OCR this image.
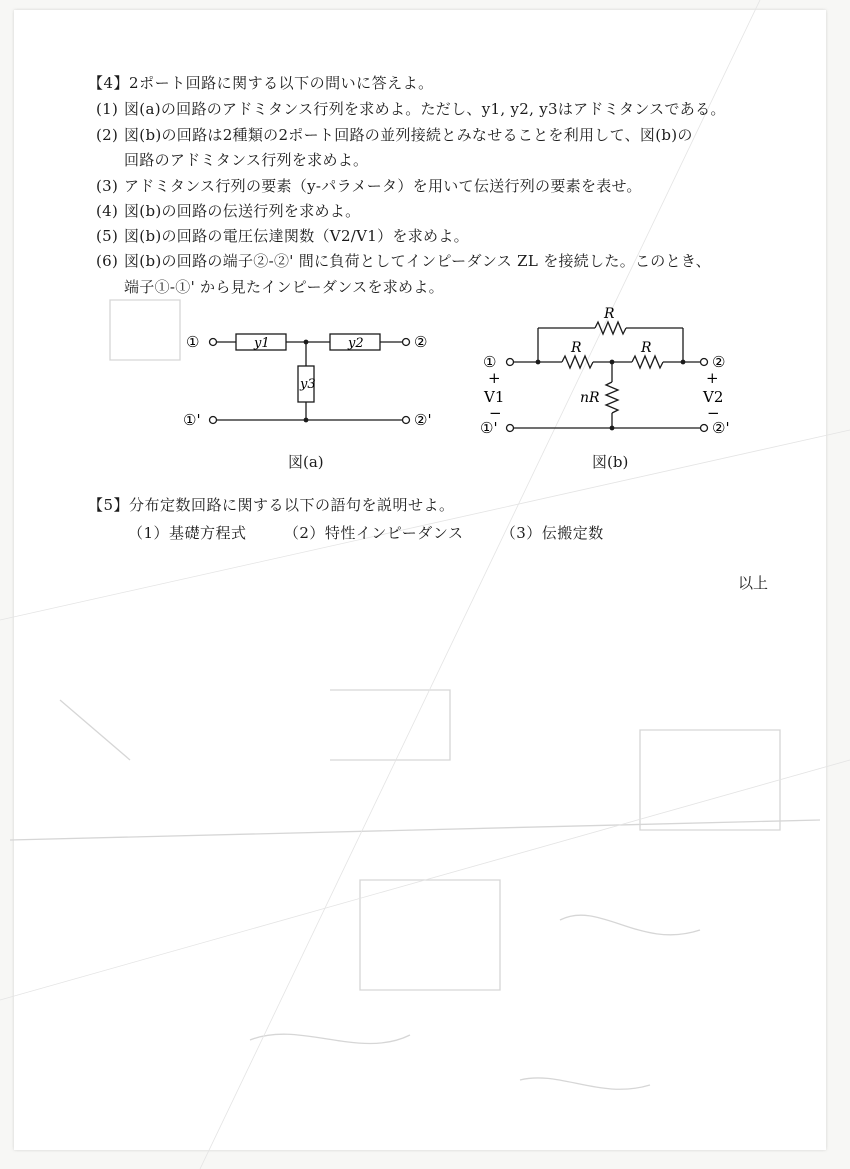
【4】2ポート回路に関する以下の問いに答えよ。
(1) 図(a)の回路のアドミタンス行列を求めよ。ただし、y1, y2, y3はアドミタンスである。
(2) 図(b)の回路は2種類の2ポート回路の並列接続とみなせることを利用して、図(b)の
回路のアドミタンス行列を求めよ。
(3) アドミタンス行列の要素（y-パラメータ）を用いて伝送行列の要素を表せ。
(4) 図(b)の回路の伝送行列を求めよ。
(5) 図(b)の回路の電圧伝達関数（V2/V1）を求めよ。
(6) 図(b)の回路の端子②-②' 間に負荷としてインピーダンス ZL を接続した。このとき、
端子①-①' から見たインピーダンスを求めよ。
①
①'
②
②'
y1	y2
y3
①
①'
②
②'
R
R	R
nR
+
V1
−
+
V2
−
図(a)	図(b)
【5】分布定数回路に関する以下の語句を説明せよ。
（1）基礎方程式 （2）特性インピーダンス （3）伝搬定数
以上
